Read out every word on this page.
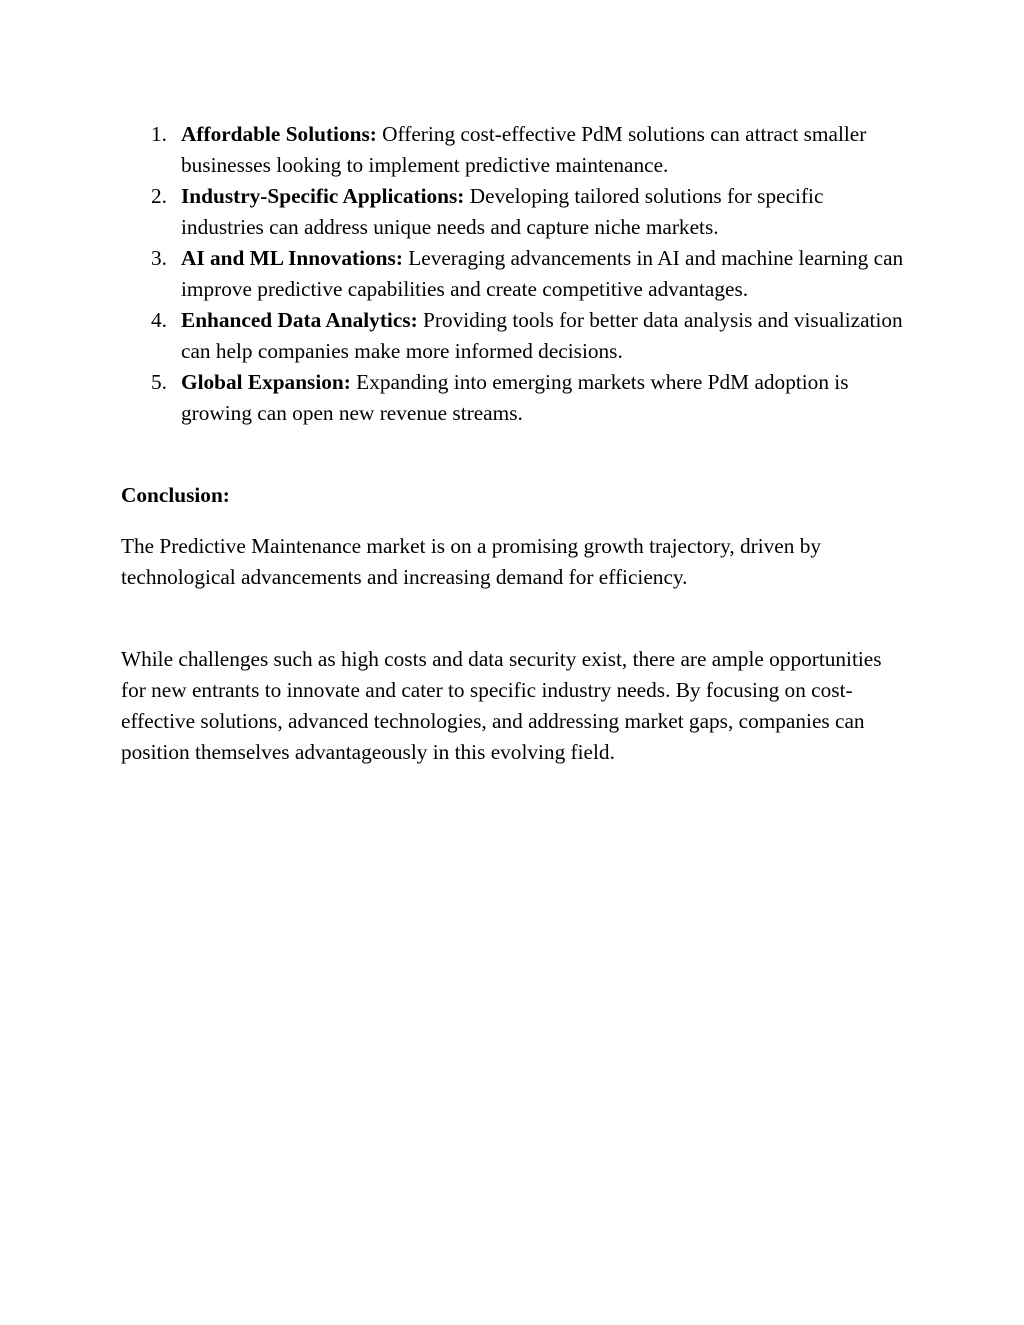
1. Affordable Solutions: Offering cost-effective PdM solutions can attract smaller businesses looking to implement predictive maintenance.
2. Industry-Specific Applications: Developing tailored solutions for specific industries can address unique needs and capture niche markets.
3. AI and ML Innovations: Leveraging advancements in AI and machine learning can improve predictive capabilities and create competitive advantages.
4. Enhanced Data Analytics: Providing tools for better data analysis and visualization can help companies make more informed decisions.
5. Global Expansion: Expanding into emerging markets where PdM adoption is growing can open new revenue streams.

Conclusion:

The Predictive Maintenance market is on a promising growth trajectory, driven by technological advancements and increasing demand for efficiency.

While challenges such as high costs and data security exist, there are ample opportunities for new entrants to innovate and cater to specific industry needs. By focusing on cost-effective solutions, advanced technologies, and addressing market gaps, companies can position themselves advantageously in this evolving field.
